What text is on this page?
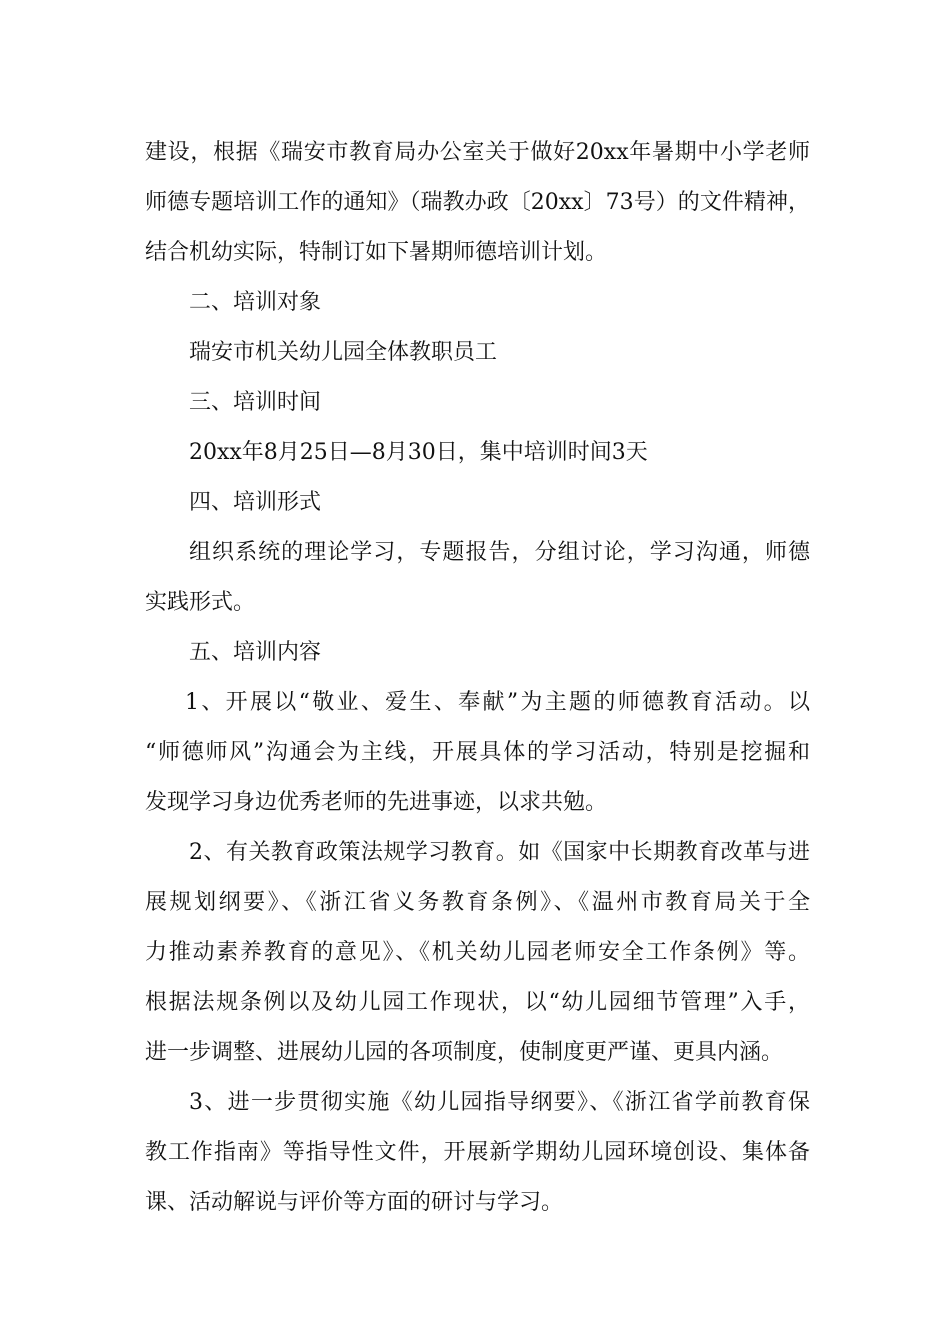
建设，根据《瑞安市教育局办公室关于做好20xx年暑期中小学老师
师德专题培训工作的通知》（瑞教办政〔20xx〕73号）的文件精神，
结合机幼实际，特制订如下暑期师德培训计划。
二、培训对象
瑞安市机关幼儿园全体教职员工
三、培训时间
20xx年8月25日—8月30日，集中培训时间3天
四、培训形式
组织系统的理论学习，专题报告，分组讨论，学习沟通，师德
实践形式。
五、培训内容
1、开展以“敬业、爱生、奉献”为主题的师德教育活动。以
“师德师风”沟通会为主线，开展具体的学习活动，特别是挖掘和
发现学习身边优秀老师的先进事迹，以求共勉。
2、有关教育政策法规学习教育。如《国家中长期教育改革与进
展规划纲要》、《浙江省义务教育条例》、《温州市教育局关于全
力推动素养教育的意见》、《机关幼儿园老师安全工作条例》等。
根据法规条例以及幼儿园工作现状，以“幼儿园细节管理”入手，
进一步调整、进展幼儿园的各项制度，使制度更严谨、更具内涵。
3、进一步贯彻实施《幼儿园指导纲要》、《浙江省学前教育保
教工作指南》等指导性文件，开展新学期幼儿园环境创设、集体备
课、活动解说与评价等方面的研讨与学习。
